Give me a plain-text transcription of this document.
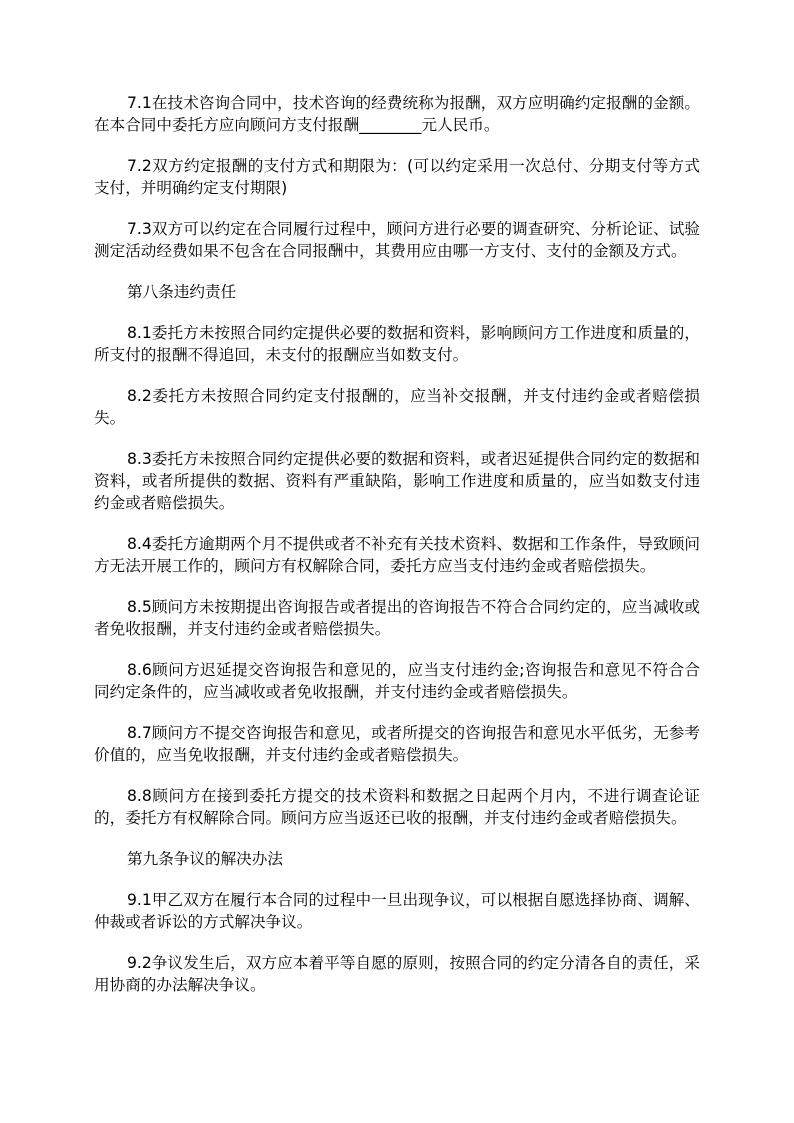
7.1在技术咨询合同中，技术咨询的经费统称为报酬，双方应明确约定报酬的金额。在本合同中委托方应向顾问方支付报酬________元人民币。

7.2双方约定报酬的支付方式和期限为：(可以约定采用一次总付、分期支付等方式支付，并明确约定支付期限)

7.3双方可以约定在合同履行过程中，顾问方进行必要的调查研究、分析论证、试验测定活动经费如果不包含在合同报酬中，其费用应由哪一方支付、支付的金额及方式。

第八条违约责任

8.1委托方未按照合同约定提供必要的数据和资料，影响顾问方工作进度和质量的，所支付的报酬不得追回，未支付的报酬应当如数支付。

8.2委托方未按照合同约定支付报酬的，应当补交报酬，并支付违约金或者赔偿损失。

8.3委托方未按照合同约定提供必要的数据和资料，或者迟延提供合同约定的数据和资料，或者所提供的数据、资料有严重缺陷，影响工作进度和质量的，应当如数支付违约金或者赔偿损失。

8.4委托方逾期两个月不提供或者不补充有关技术资料、数据和工作条件，导致顾问方无法开展工作的，顾问方有权解除合同，委托方应当支付违约金或者赔偿损失。

8.5顾问方未按期提出咨询报告或者提出的咨询报告不符合合同约定的，应当减收或者免收报酬，并支付违约金或者赔偿损失。

8.6顾问方迟延提交咨询报告和意见的，应当支付违约金;咨询报告和意见不符合合同约定条件的，应当减收或者免收报酬，并支付违约金或者赔偿损失。

8.7顾问方不提交咨询报告和意见，或者所提交的咨询报告和意见水平低劣，无参考价值的，应当免收报酬，并支付违约金或者赔偿损失。

8.8顾问方在接到委托方提交的技术资料和数据之日起两个月内，不进行调查论证的，委托方有权解除合同。顾问方应当返还已收的报酬，并支付违约金或者赔偿损失。

第九条争议的解决办法

9.1甲乙双方在履行本合同的过程中一旦出现争议，可以根据自愿选择协商、调解、仲裁或者诉讼的方式解决争议。

9.2争议发生后，双方应本着平等自愿的原则，按照合同的约定分清各自的责任，采用协商的办法解决争议。
